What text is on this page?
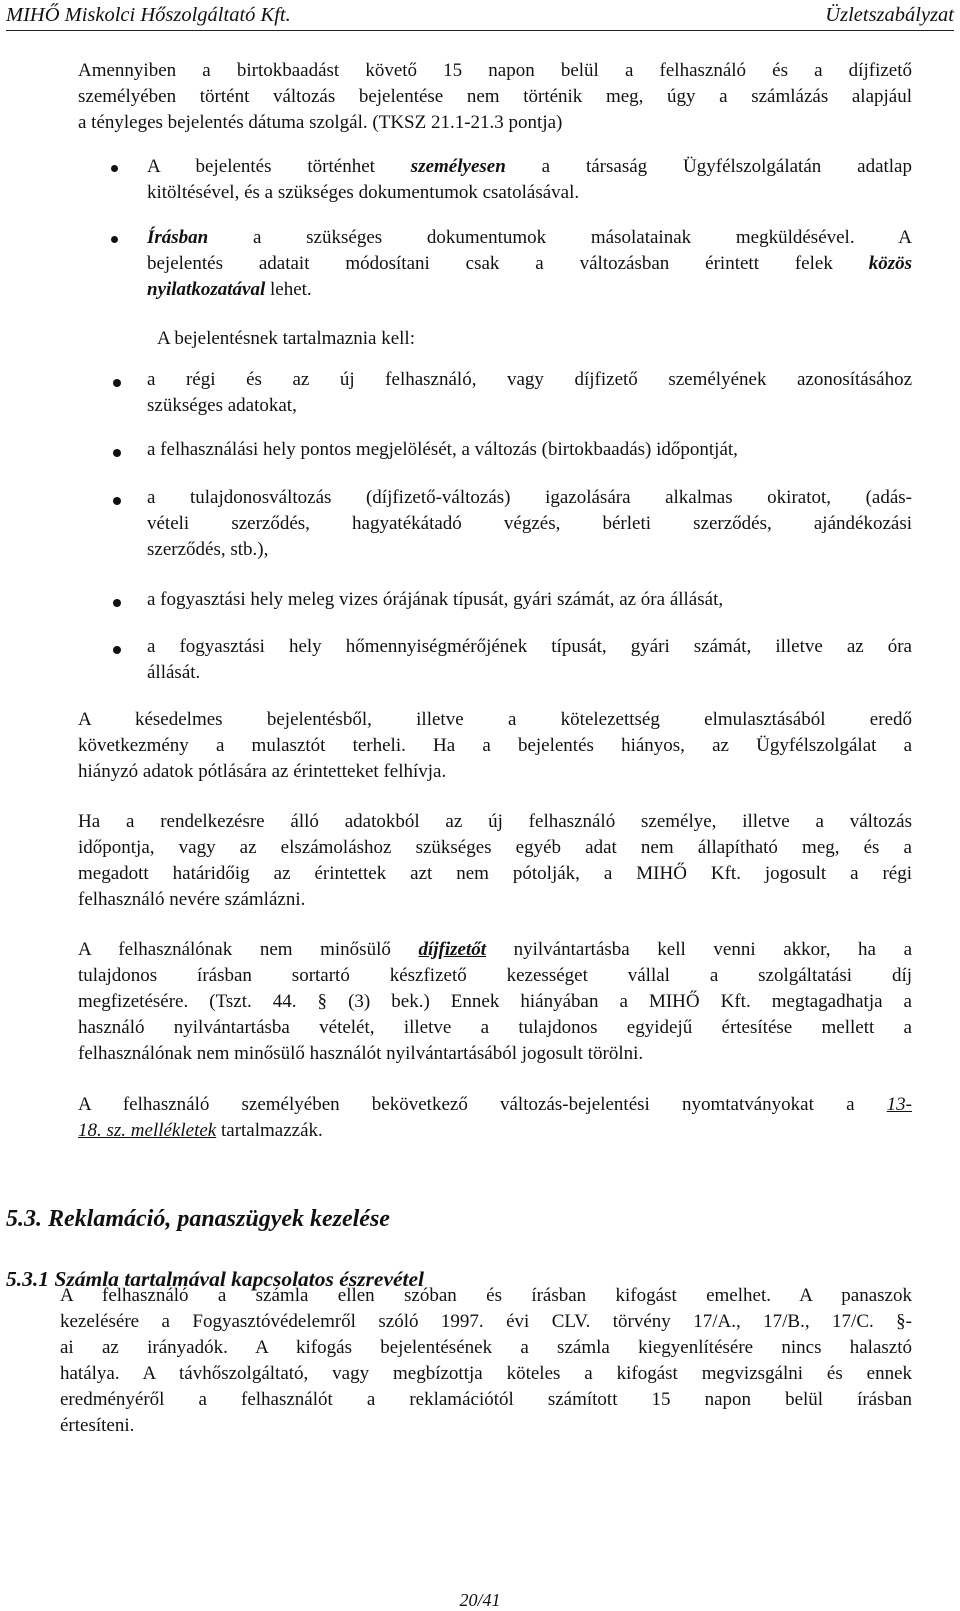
MIHŐ Miskolci Hőszolgáltató Kft.	Üzletszabályzat

Amennyiben a birtokbaadást követő 15 napon belül a felhasználó és a díjfizető

személyében történt változás bejelentése nem történik meg, úgy a számlázás alapjául

a tényleges bejelentés dátuma szolgál. (TKSZ 21.1-21.3 pontja)

A bejelentés történhet személyesen a társaság Ügyfélszolgálatán adatlap

kitöltésével, és a szükséges dokumentumok csatolásával.

Írásban a szükséges dokumentumok másolatainak megküldésével. A

bejelentés adatait módosítani csak a változásban érintett felek közös

nyilatkozatával lehet.

A bejelentésnek tartalmaznia kell:

a régi és az új felhasználó, vagy díjfizető személyének azonosításához

szükséges adatokat,

a felhasználási hely pontos megjelölését, a változás (birtokbaadás) időpontját,

a tulajdonosváltozás (díjfizető-változás) igazolására alkalmas okiratot, (adás-

vételi szerződés, hagyatékátadó végzés, bérleti szerződés, ajándékozási

szerződés, stb.),

a fogyasztási hely meleg vizes órájának típusát, gyári számát, az óra állását,

a fogyasztási hely hőmennyiségmérőjének típusát, gyári számát, illetve az óra

állását.

A késedelmes bejelentésből, illetve a kötelezettség elmulasztásából eredő

következmény a mulasztót terheli. Ha a bejelentés hiányos, az Ügyfélszolgálat a

hiányzó adatok pótlására az érintetteket felhívja.

Ha a rendelkezésre álló adatokból az új felhasználó személye, illetve a változás

időpontja, vagy az elszámoláshoz szükséges egyéb adat nem állapítható meg, és a

megadott határidőig az érintettek azt nem pótolják, a MIHŐ Kft. jogosult a régi

felhasználó nevére számlázni.

A felhasználónak nem minősülő díjfizetőt nyilvántartásba kell venni akkor, ha a

tulajdonos írásban sortartó készfizető kezességet vállal a szolgáltatási díj

megfizetésére. (Tszt. 44. § (3) bek.) Ennek hiányában a MIHŐ Kft. megtagadhatja a

használó nyilvántartásba vételét, illetve a tulajdonos egyidejű értesítése mellett a

felhasználónak nem minősülő használót nyilvántartásából jogosult törölni.

A felhasználó személyében bekövetkező változás-bejelentési nyomtatványokat a 13-

18. sz. mellékletek tartalmazzák.

5.3. Reklamáció, panaszügyek kezelése
5.3.1 Számla tartalmával kapcsolatos észrevétel

A felhasználó a számla ellen szóban és írásban kifogást emelhet. A panaszok

kezelésére a Fogyasztóvédelemről szóló 1997. évi CLV. törvény 17/A., 17/B., 17/C. §-

ai az irányadók. A kifogás bejelentésének a számla kiegyenlítésére nincs halasztó

hatálya. A távhőszolgáltató, vagy megbízottja köteles a kifogást megvizsgálni és ennek

eredményéről a felhasználót a reklamációtól számított 15 napon belül írásban

értesíteni.

20/41
